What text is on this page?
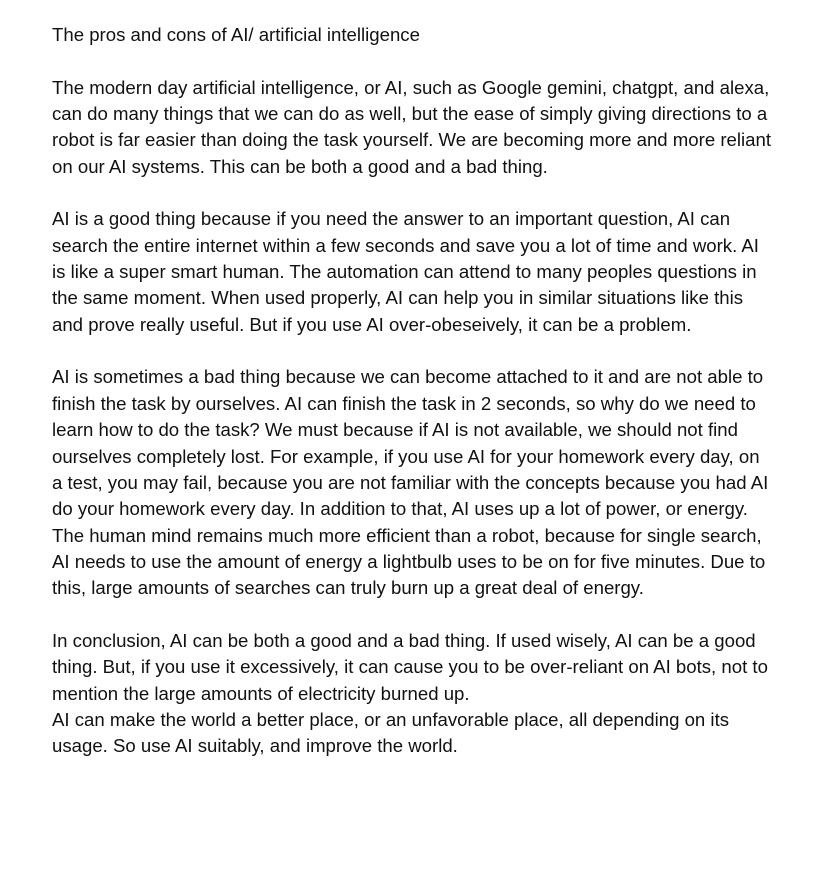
The pros and cons of AI/ artificial intelligence

The modern day artificial intelligence, or AI, such as Google gemini, chatgpt, and alexa, can do many things that we can do as well, but the ease of simply giving directions to a robot is far easier than doing the task yourself. We are becoming more and more reliant on our AI systems. This can be both a good and a bad thing.

AI is a good thing because if you need the answer to an important question, AI can search the entire internet within a few seconds and save you a lot of time and work. AI is like a super smart human. The automation can attend to many peoples questions in the same moment. When used properly, AI can help you in similar situations like this and prove really useful. But if you use AI over-obeseively, it can be a problem.

AI is sometimes a bad thing because we can become attached to it and are not able to finish the task by ourselves. AI can finish the task in 2 seconds, so why do we need to learn how to do the task? We must because if AI is not available, we should not find ourselves completely lost. For example, if you use AI for your homework every day, on a test, you may fail, because you are not familiar with the concepts because you had AI do your homework every day. In addition to that, AI uses up a lot of power, or energy. The human mind remains much more efficient than a robot, because for single search, AI needs to use the amount of energy a lightbulb uses to be on for five minutes. Due to this, large amounts of searches can truly burn up a great deal of energy.

In conclusion, AI can be both a good and a bad thing. If used wisely, AI can be a good thing. But, if you use it excessively, it can cause you to be over-reliant on AI bots, not to mention the large amounts of electricity burned up.

AI can make the world a better place, or an unfavorable place, all depending on its usage. So use AI suitably, and improve the world.
